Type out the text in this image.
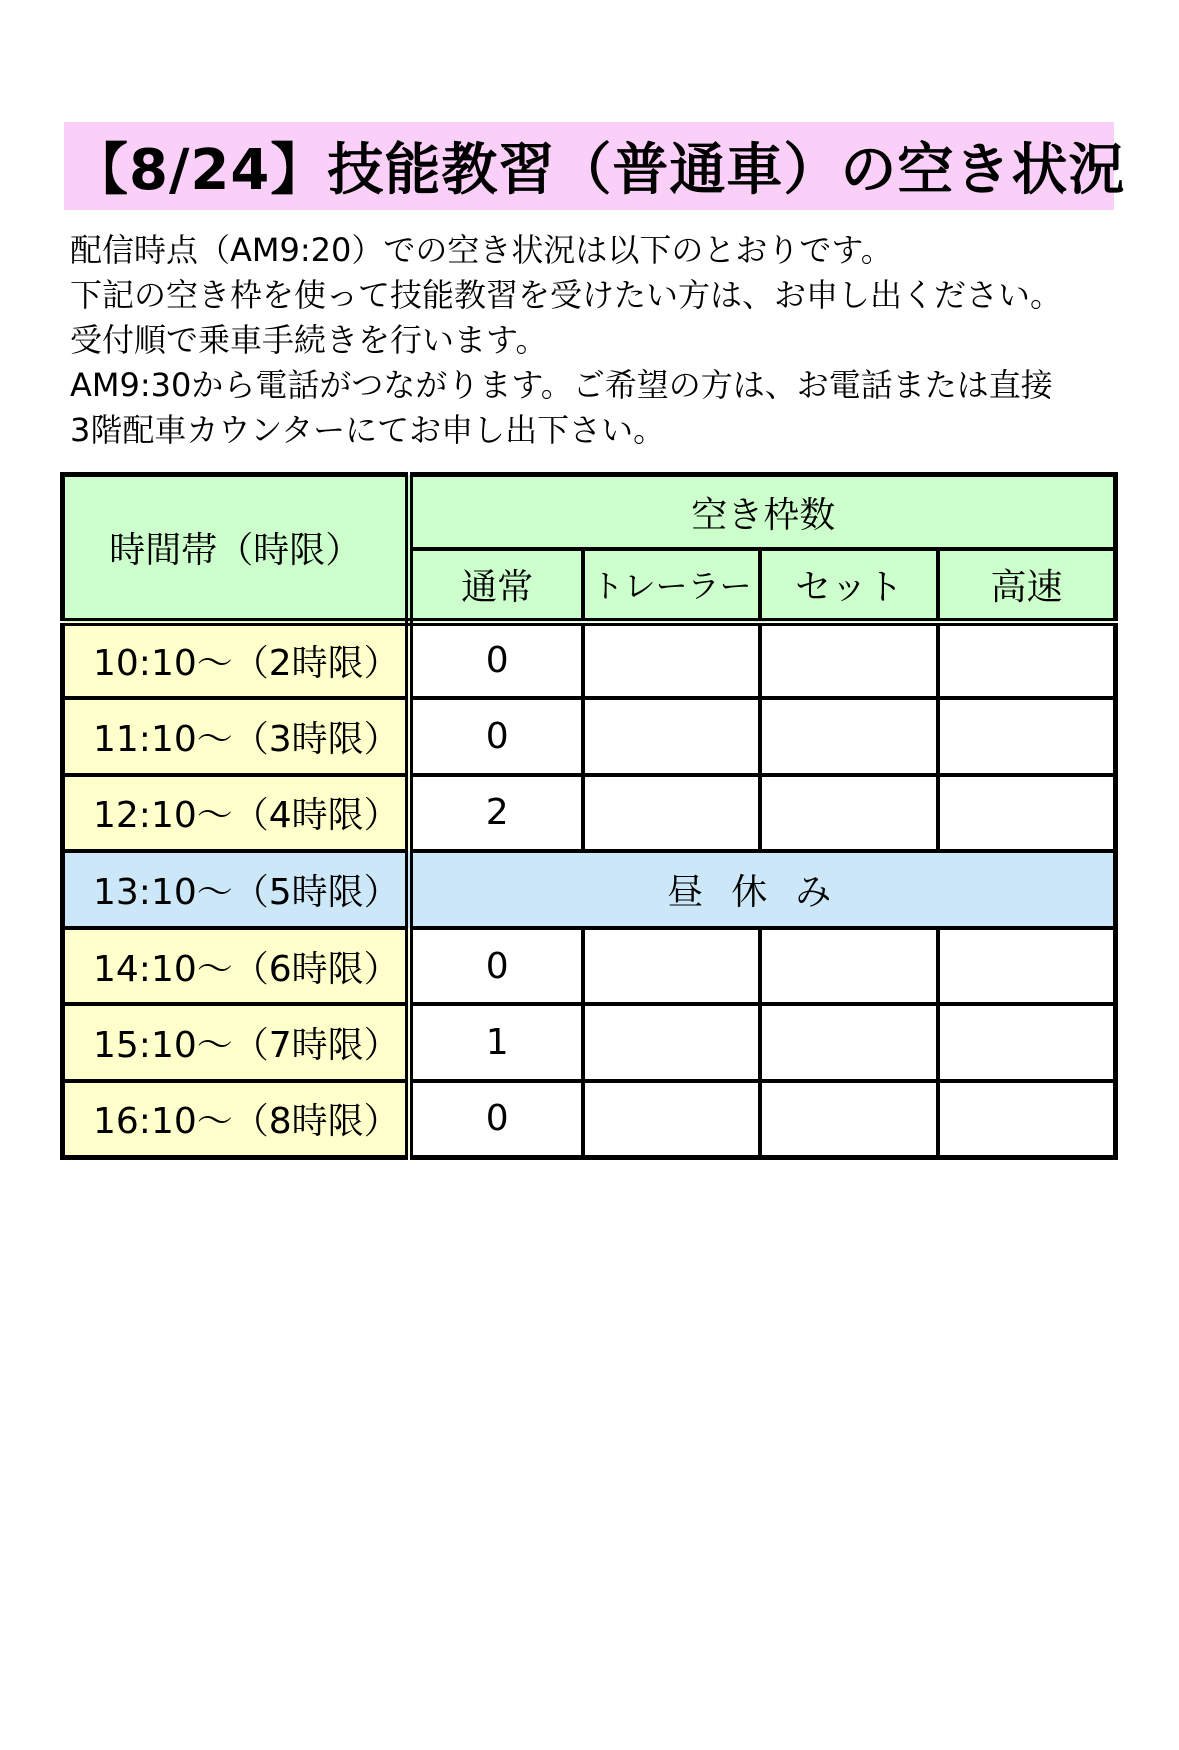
【8/24】技能教習（普通車）の空き状況
配信時点（AM9:20）での空き状況は以下のとおりです。
下記の空き枠を使って技能教習を受けたい方は、お申し出ください。
受付順で乗車手続きを行います。
AM9:30から電話がつながります。ご希望の方は、お電話または直接
3階配車カウンターにてお申し出下さい。
時間帯（時限）	空き枠数			
	通常	トレーラー	セット	高速
10:10～（2時限）	0			
11:10～（3時限）	0			
12:10～（4時限）	2			
13:10～（5時限）	昼休み			
14:10～（6時限）	0			
15:10～（7時限）	1			
16:10～（8時限）	0			
